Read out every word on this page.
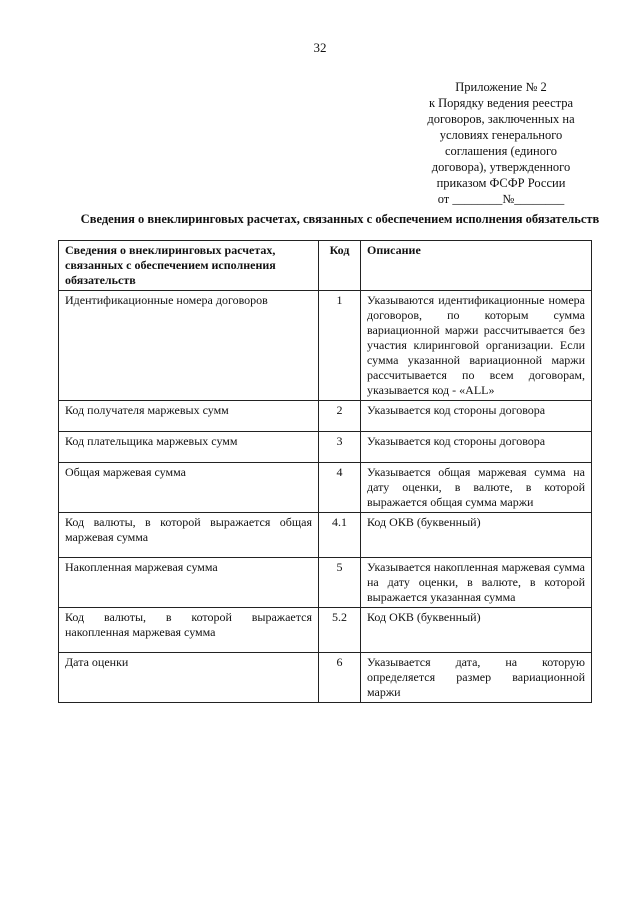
32
Приложение № 2
к Порядку ведения реестра
договоров, заключенных на
условиях генерального
соглашения (единого
договора), утвержденного
приказом ФСФР России
от ________№________
Сведения о внеклиринговых расчетах, связанных с обеспечением исполнения обязательств
Сведения о внеклиринговых расчетах, связанных с обеспечением исполнения обязательств	Код	Описание
Идентификационные номера договоров	1	Указываются идентификационные номера договоров, по которым сумма вариационной маржи рассчитывается без участия клиринговой организации. Если сумма указанной вариационной маржи рассчитывается по всем договорам, указывается код - «ALL»
Код получателя маржевых сумм	2	Указывается код стороны договора
Код плательщика маржевых сумм	3	Указывается код стороны договора
Общая маржевая сумма	4	Указывается общая маржевая сумма на дату оценки, в валюте, в которой выражается общая сумма маржи
Код валюты, в которой выражается общая маржевая сумма	4.1	Код ОКВ (буквенный)
Накопленная маржевая сумма	5	Указывается накопленная маржевая сумма на дату оценки, в валюте, в которой выражается указанная сумма
Код валюты, в которой выражается накопленная маржевая сумма	5.2	Код ОКВ (буквенный)
Дата оценки	6	Указывается дата, на которую определяется размер вариационной маржи
